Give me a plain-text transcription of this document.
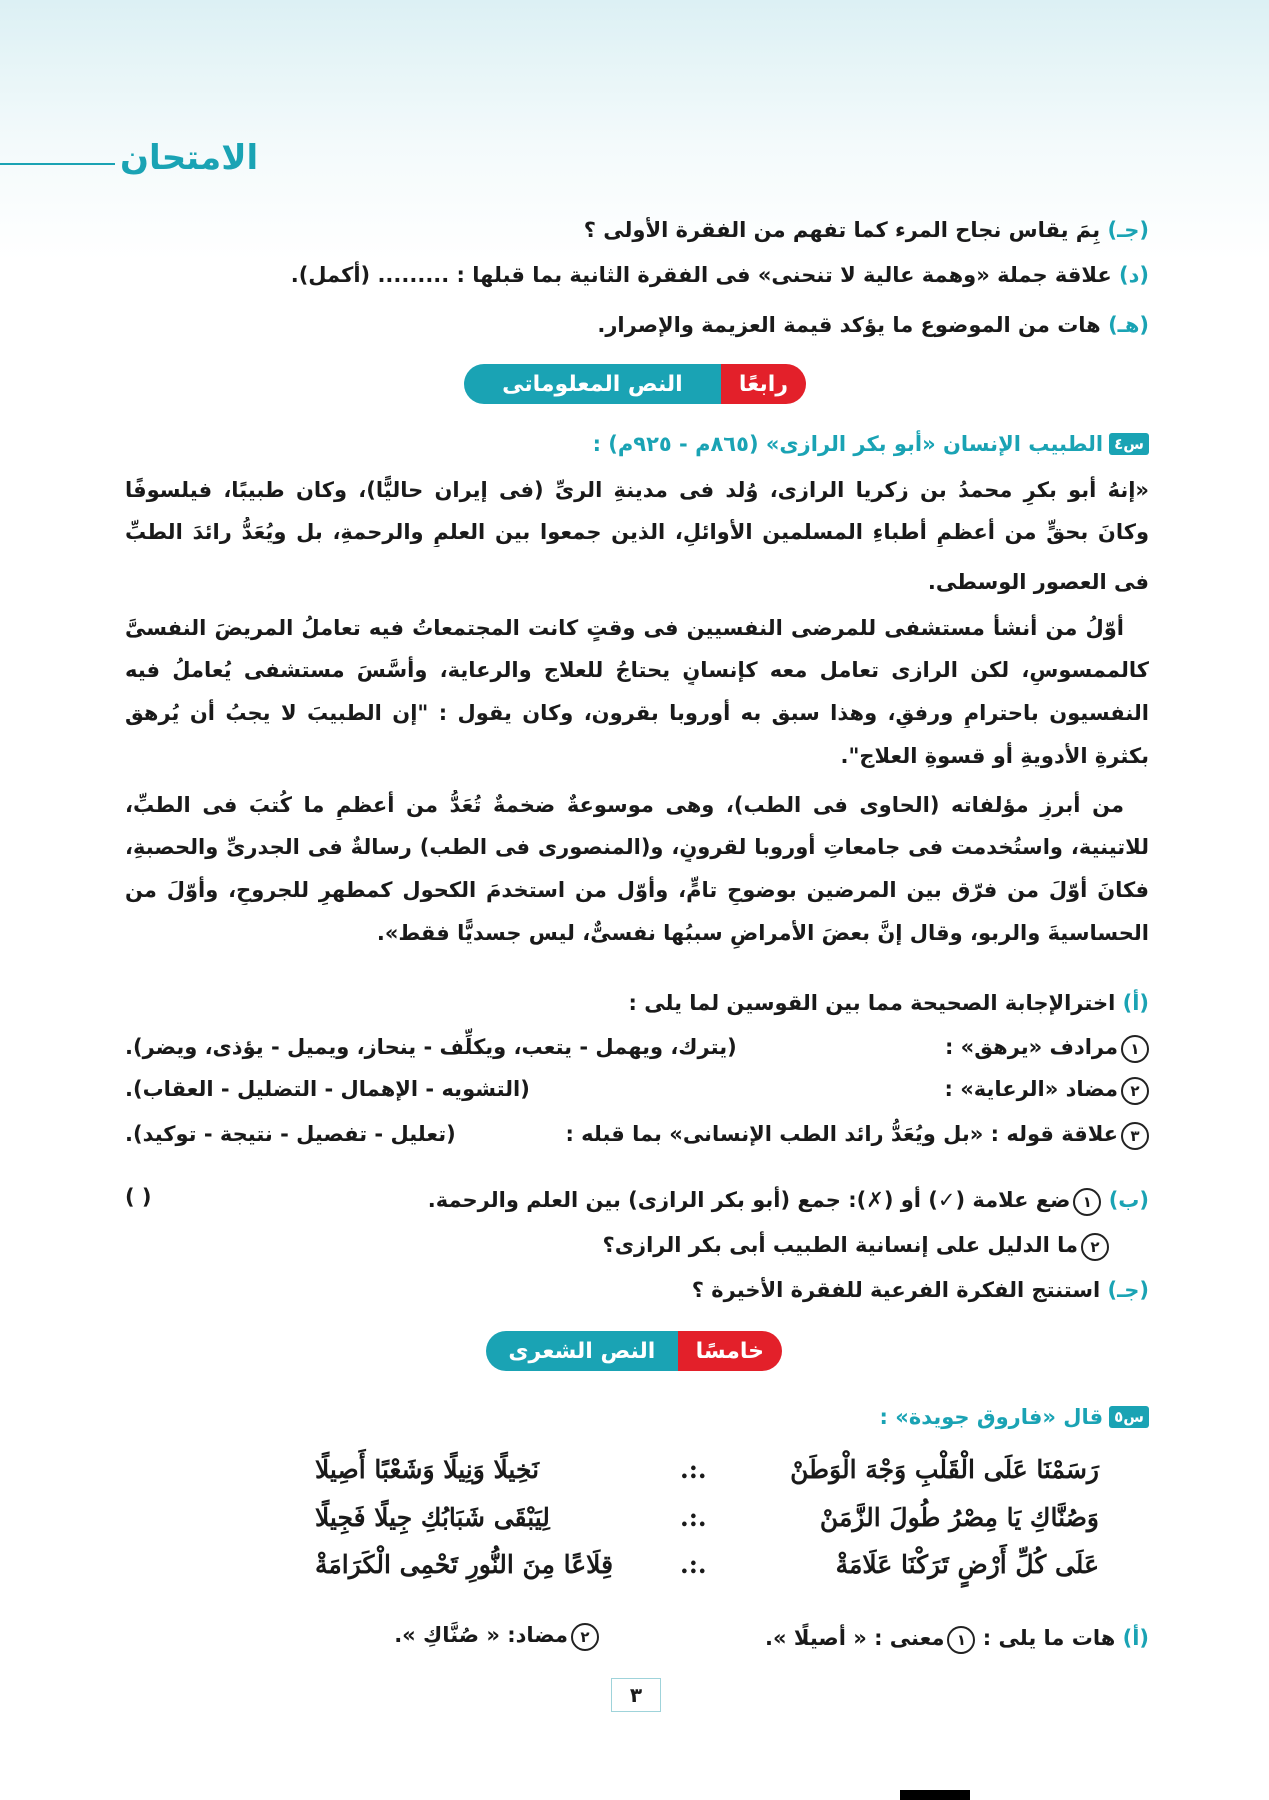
الامتحان
(جـ) بِمَ يقاس نجاح المرء كما تفهم من الفقرة الأولى ؟
(د) علاقة جملة «وهمة عالية لا تنحنى» فى الفقرة الثانية بما قبلها : ......... (أكمل).
(هـ) هات من الموضوع ما يؤكد قيمة العزيمة والإصرار.
رابعًا
النص المعلوماتى
س٤
الطبيب الإنسان «أبو بكر الرازى» (٨٦٥م - ٩٢٥م) :
«إنهُ أبو بكرٍ محمدُ بن زكريا الرازى، وُلد فى مدينةِ الرىِّ (فى إيران حاليًّا)، وكان طبيبًا، فيلسوفًا
وكانَ بحقٍّ من أعظمِ أطباءِ المسلمين الأوائلِ، الذين جمعوا بين العلمِ والرحمةِ، بل ويُعَدُّ رائدَ الطبِّ
فى العصور الوسطى.
أوّلُ من أنشأ مستشفى للمرضى النفسيين فى وقتٍ كانت المجتمعاتُ فيه تعاملُ المريضَ النفسىَّ
كالممسوسِ، لكن الرازى تعامل معه كإنسانٍ يحتاجُ للعلاج والرعاية، وأسَّسَ مستشفى يُعاملُ فيه
النفسيون باحترامٍ ورفقٍ، وهذا سبق به أوروبا بقرون، وكان يقول : "إن الطبيبَ لا يجبُ أن يُرهق
بكثرةِ الأدويةِ أو قسوةِ العلاج".
من أبرزِ مؤلفاته (الحاوى فى الطب)، وهى موسوعةٌ ضخمةٌ تُعَدُّ من أعظمِ ما كُتبَ فى الطبِّ،
للاتينية، واستُخدمت فى جامعاتِ أوروبا لقرونٍ، و(المنصورى فى الطب) رسالةٌ فى الجدرىِّ والحصبةِ،
فكانَ أوّلَ من فرّق بين المرضين بوضوحٍ تامٍّ، وأوّل من استخدمَ الكحول كمطهرٍ للجروحِ، وأوّلَ من
الحساسيةَ والربو، وقال إنَّ بعضَ الأمراضِ سببُها نفسىٌّ، ليس جسديًّا فقط».
(أ) اخترالإجابة الصحيحة مما بين القوسين لما يلى :
١مرادف «يرهق» :
(يترك، ويهمل - يتعب، ويكلِّف - ينحاز، ويميل - يؤذى، ويضر).
٢مضاد «الرعاية» :
(التشويه - الإهمال - التضليل - العقاب).
٣علاقة قوله : «بل ويُعَدُّ رائد الطب الإنسانى» بما قبله :
(تعليل - تفصيل - نتيجة - توكيد).
(ب) ١ضع علامة (✓) أو (✗): جمع (أبو بكر الرازى) بين العلم والرحمة.
( )
٢ما الدليل على إنسانية الطبيب أبى بكر الرازى؟
(جـ) استنتج الفكرة الفرعية للفقرة الأخيرة ؟
خامسًا
النص الشعرى
س٥
قال «فاروق جويدة» :
رَسَمْنَا عَلَى الْقَلْبِ وَجْهَ الْوَطَنْ
.:.
نَخِيلًا وَنِيلًا وَشَعْبًا أَصِيلًا
وَصُنَّاكِ يَا مِصْرُ طُولَ الزَّمَنْ
.:.
لِيَبْقَى شَبَابُكِ جِيلًا فَجِيلًا
عَلَى كُلِّ أَرْضٍ تَرَكْنَا عَلَامَةْ
.:.
قِلَاعًا مِنَ النُّورِ تَحْمِى الْكَرَامَةْ
(أ) هات ما يلى : ١معنى : « أصيلًا ».
٢مضاد: « صُنَّاكِ ».
٣
